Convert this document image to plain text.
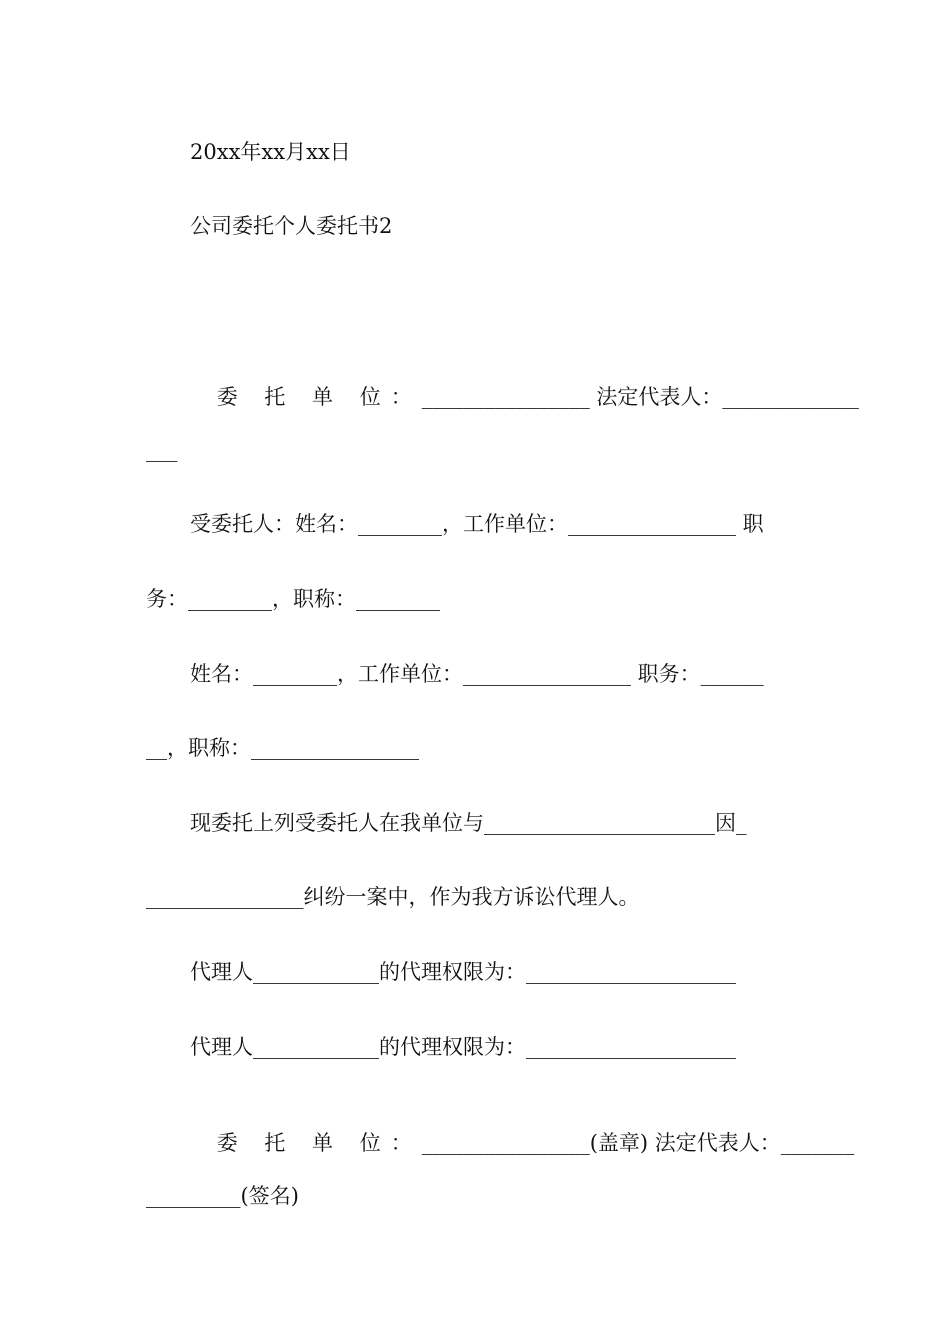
20xx年xx月xx日
公司委托个人委托书2

委 托 单 位：________________ 法定代表人：_____________

___
受委托人：姓名：________，工作单位：________________ 职
务：________，职称：________
姓名：________，工作单位：________________ 职务：______
__，职称：________________
现委托上列受委托人在我单位与______________________因_
_______________纠纷一案中，作为我方诉讼代理人。
代理人____________的代理权限为：____________________
代理人____________的代理权限为：____________________

委 托 单 位：________________(盖章) 法定代表人：_______

_________(签名)
